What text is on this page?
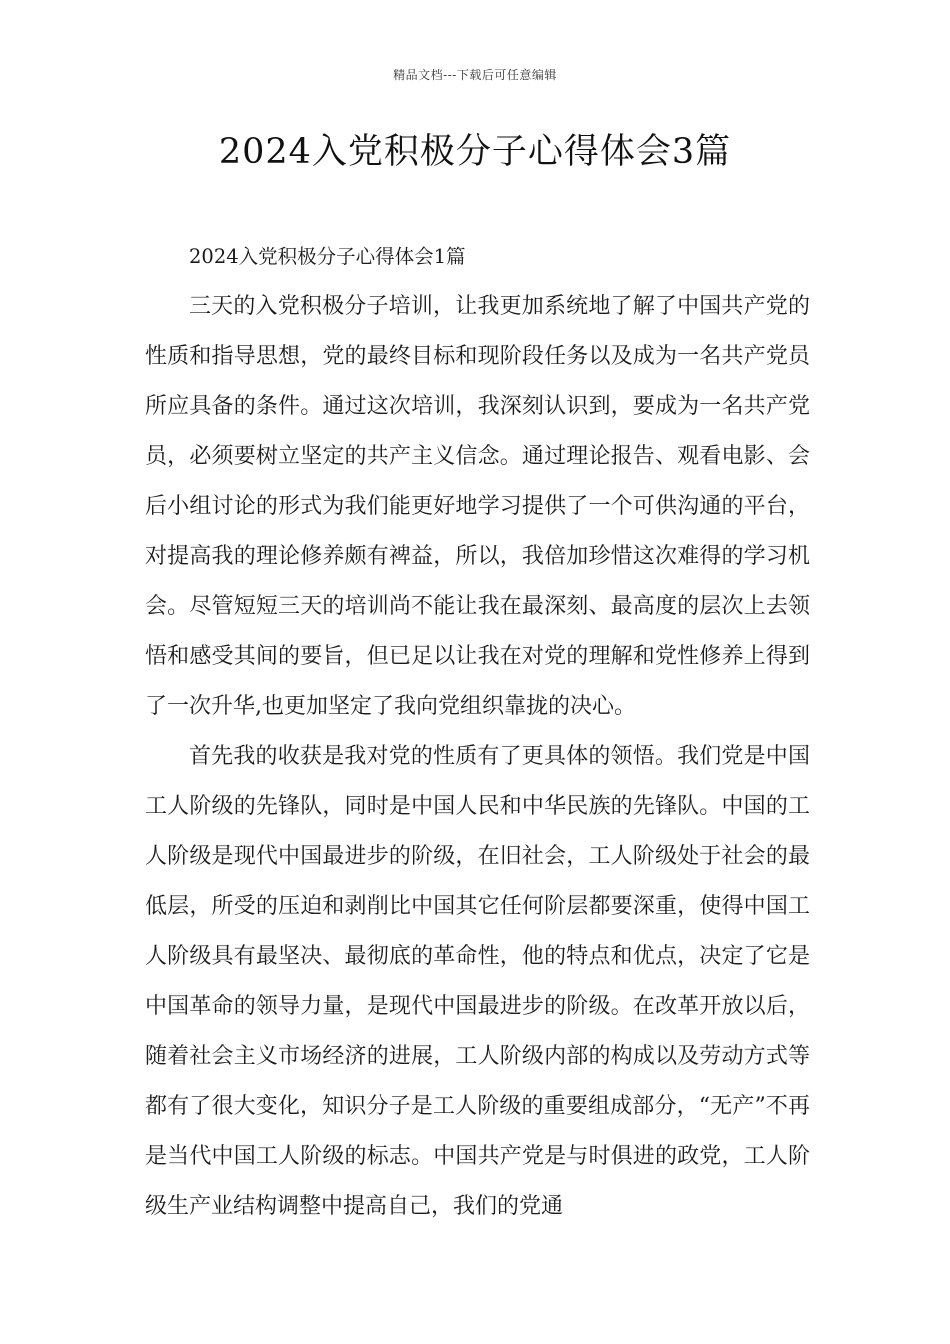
精品文档---下载后可任意编辑
2024入党积极分子心得体会3篇

2024入党积极分子心得体会1篇

三天的入党积极分子培训，让我更加系统地了解了中国共产党的性质和指导思想，党的最终目标和现阶段任务以及成为一名共产党员所应具备的条件。通过这次培训，我深刻认识到，要成为一名共产党员，必须要树立坚定的共产主义信念。通过理论报告、观看电影、会后小组讨论的形式为我们能更好地学习提供了一个可供沟通的平台，对提高我的理论修养颇有裨益，所以，我倍加珍惜这次难得的学习机会。尽管短短三天的培训尚不能让我在最深刻、最高度的层次上去领悟和感受其间的要旨，但已足以让我在对党的理解和党性修养上得到了一次升华,也更加坚定了我向党组织靠拢的决心。

首先我的收获是我对党的性质有了更具体的领悟。我们党是中国工人阶级的先锋队，同时是中国人民和中华民族的先锋队。中国的工人阶级是现代中国最进步的阶级，在旧社会，工人阶级处于社会的最低层，所受的压迫和剥削比中国其它任何阶层都要深重，使得中国工人阶级具有最坚决、最彻底的革命性，他的特点和优点，决定了它是中国革命的领导力量，是现代中国最进步的阶级。在改革开放以后，随着社会主义市场经济的进展，工人阶级内部的构成以及劳动方式等都有了很大变化，知识分子是工人阶级的重要组成部分，“无产”不再是当代中国工人阶级的标志。中国共产党是与时俱进的政党，工人阶级生产业结构调整中提高自己，我们的党通
